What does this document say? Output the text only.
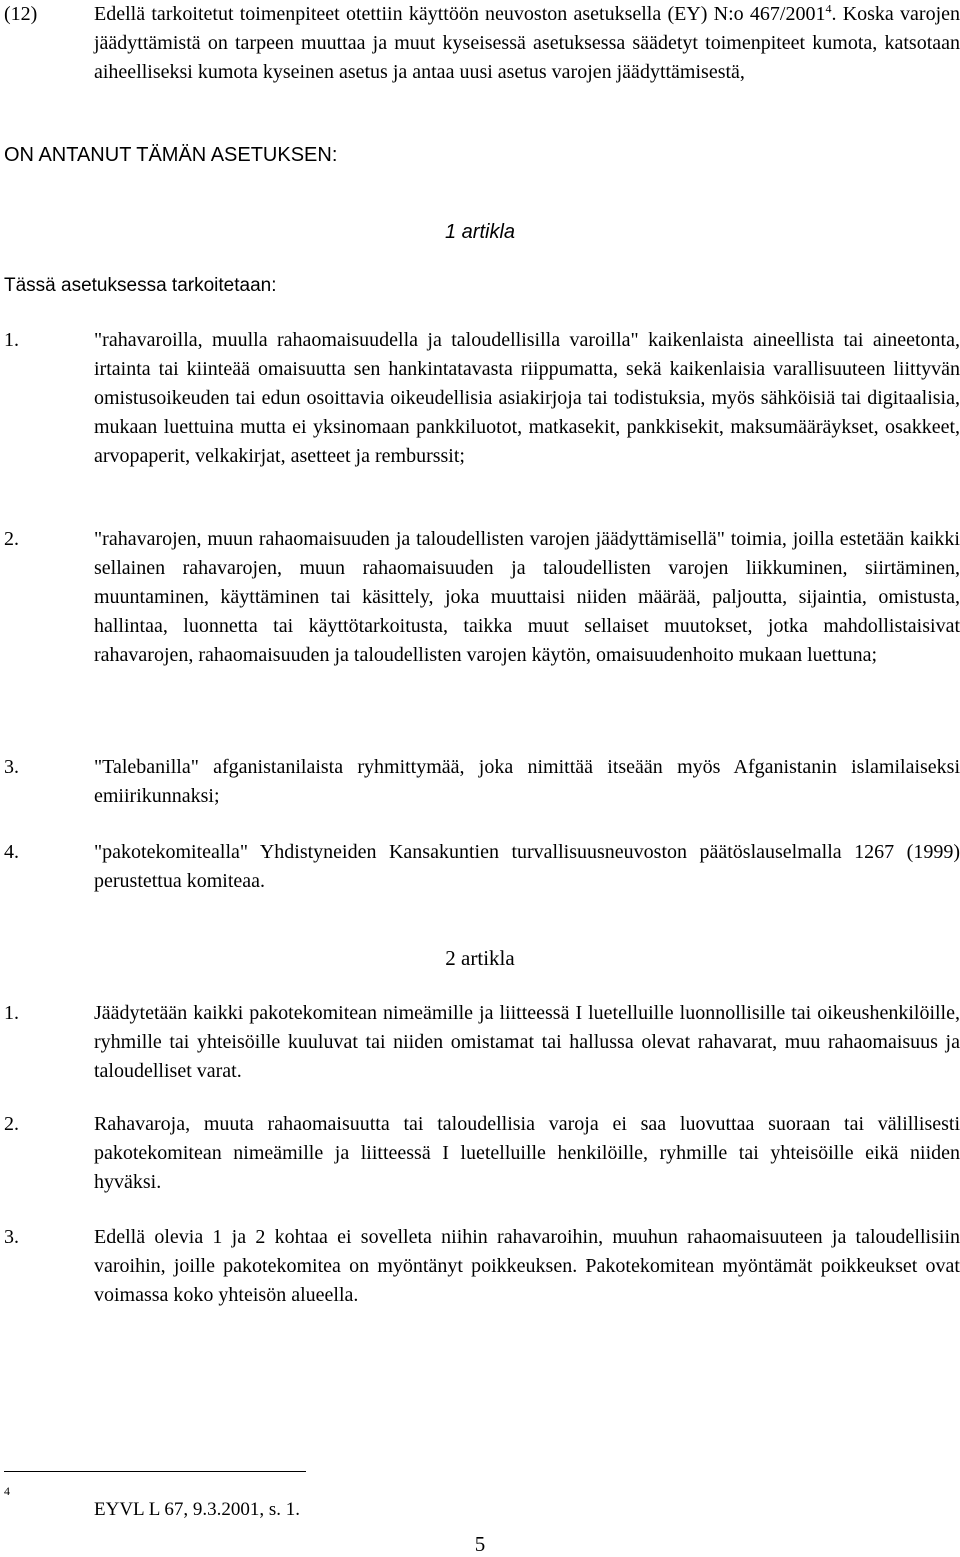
(12)	Edellä tarkoitetut toimenpiteet otettiin käyttöön neuvoston asetuksella (EY) N:o 467/2001$^4$. Koska varojen jäädyttämistä on tarpeen muuttaa ja muut kyseisessä asetuksessa säädetyt toimenpiteet kumota, katsotaan aiheelliseksi kumota kyseinen asetus ja antaa uusi asetus varojen jäädyttämisestä,
ON ANTANUT TÄMÄN ASETUKSEN:
1 artikla
Tässä asetuksessa tarkoitetaan:
1.	"rahavaroilla, muulla rahaomaisuudella ja taloudellisilla varoilla" kaikenlaista aineellista tai aineetonta, irtainta tai kiinteää omaisuutta sen hankintatavasta riippumatta, sekä kaikenlaisia varallisuuteen liittyvän omistusoikeuden tai edun osoittavia oikeudellisia asiakirjoja tai todistuksia, myös sähköisiä tai digitaalisia, mukaan luettuina mutta ei yksinomaan pankkiluotot, matkasekit, pankkisekit, maksumääräykset, osakkeet, arvopaperit, velkakirjat, asetteet ja remburssit;
2.	"rahavarojen, muun rahaomaisuuden ja taloudellisten varojen jäädyttämisellä" toimia, joilla estetään kaikki sellainen rahavarojen, muun rahaomaisuuden ja taloudellisten varojen liikkuminen, siirtäminen, muuntaminen, käyttäminen tai käsittely, joka muuttaisi niiden määrää, paljoutta, sijaintia, omistusta, hallintaa, luonnetta tai käyttötarkoitusta, taikka muut sellaiset muutokset, jotka mahdollistaisivat rahavarojen, rahaomaisuuden ja taloudellisten varojen käytön, omaisuudenhoito mukaan luettuna;
3.	"Talebanilla" afganistanilaista ryhmittymää, joka nimittää itseään myös Afganistanin islamilaiseksi emiirikunnaksi;
4.	"pakotekomitealla" Yhdistyneiden Kansakuntien turvallisuusneuvoston päätöslauselmalla 1267 (1999) perustettua komiteaa.
2 artikla
1.	Jäädytetään kaikki pakotekomitean nimeämille ja liitteessä I luetelluille luonnollisille tai oikeushenkilöille, ryhmille tai yhteisöille kuuluvat tai niiden omistamat tai hallussa olevat rahavarat, muu rahaomaisuus ja taloudelliset varat.
2.	Rahavaroja, muuta rahaomaisuutta tai taloudellisia varoja ei saa luovuttaa suoraan tai välillisesti pakotekomitean nimeämille ja liitteessä I luetelluille henkilöille, ryhmille tai yhteisöille eikä niiden hyväksi.
3.	Edellä olevia 1 ja 2 kohtaa ei sovelleta niihin rahavaroihin, muuhun rahaomaisuuteen ja taloudellisiin varoihin, joille pakotekomitea on myöntänyt poikkeuksen. Pakotekomitean myöntämät poikkeukset ovat voimassa koko yhteisön alueella.
4
EYVL L 67, 9.3.2001, s. 1.
5
